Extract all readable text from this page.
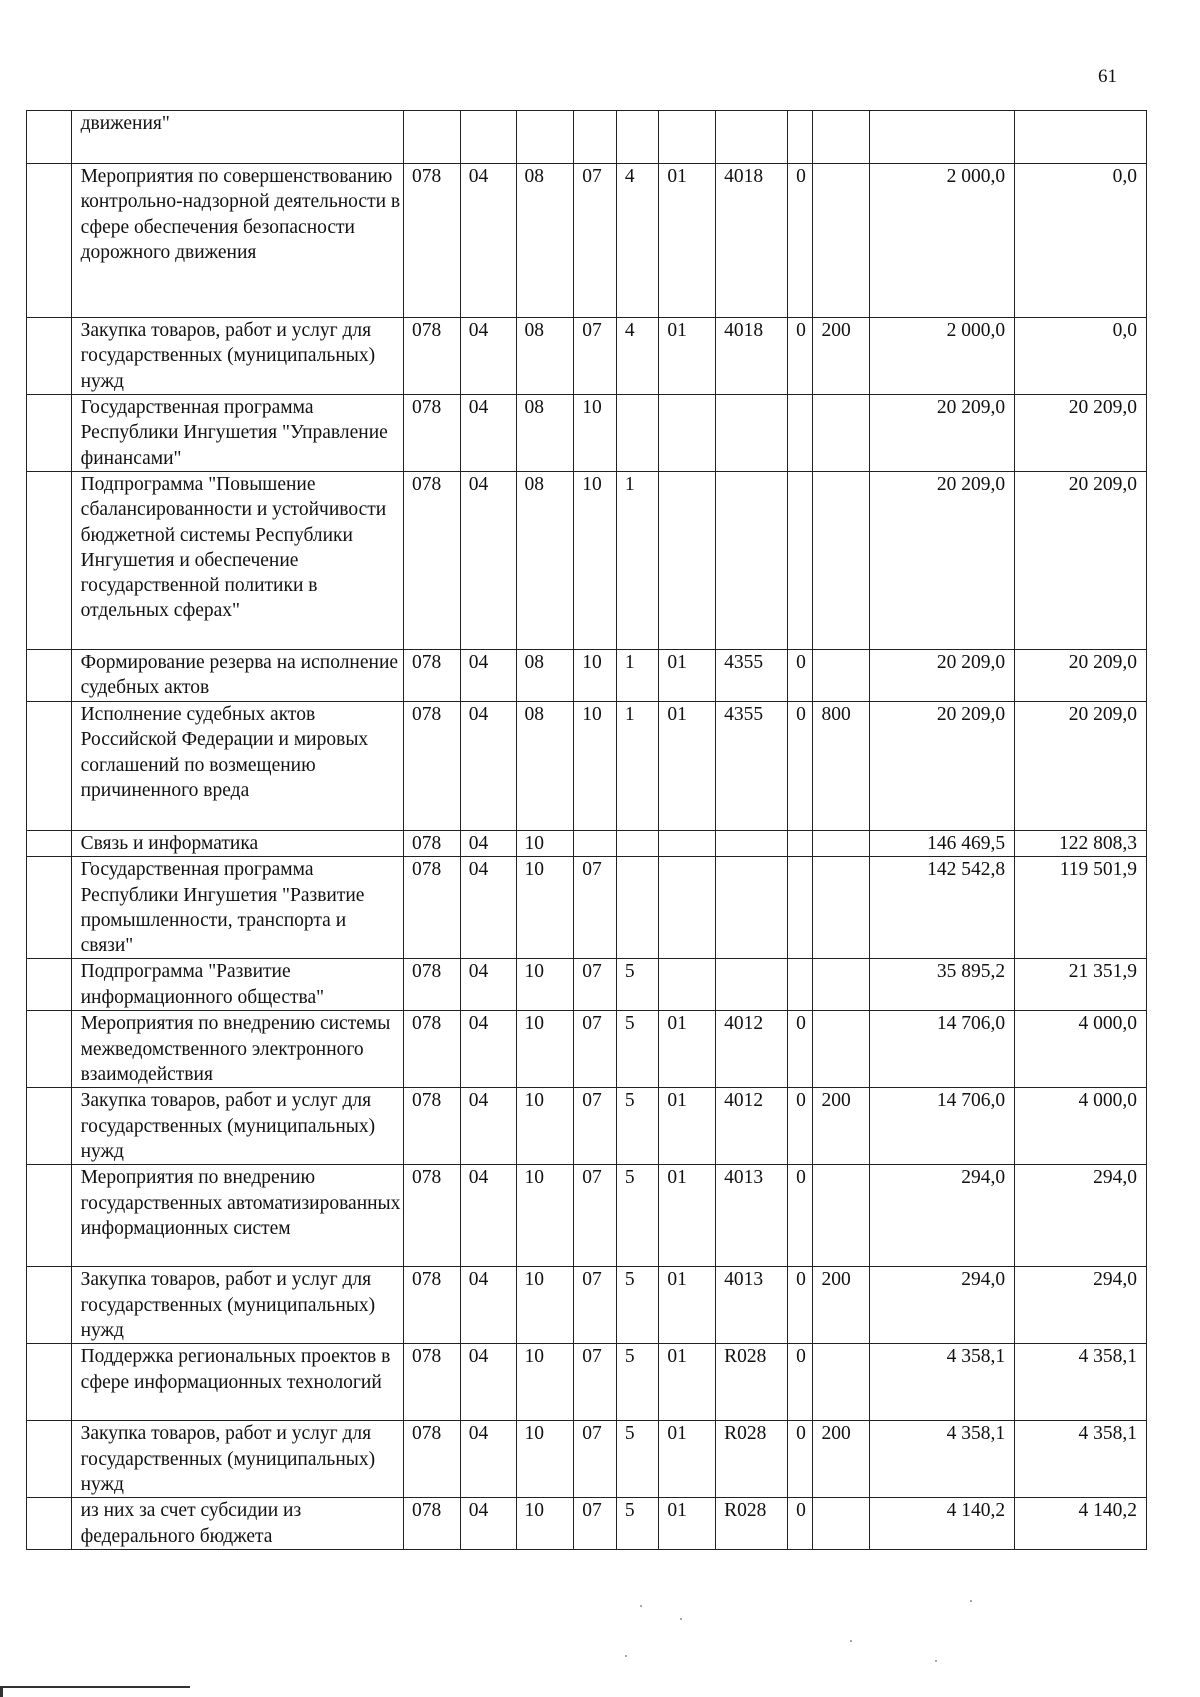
61
	движения"											
	Мероприятия по совершенствованию контрольно-надзорной деятельности в сфере обеспечения безопасности дорожного движения	078	04	08	07	4	01	4018	0		2 000,0	0,0
	Закупка товаров, работ и услуг для государственных (муниципальных) нужд	078	04	08	07	4	01	4018	0	200	2 000,0	0,0
	Государственная программа Республики Ингушетия "Управление финансами"	078	04	08	10						20 209,0	20 209,0
	Подпрограмма "Повышение сбалансированности и устойчивости бюджетной системы Республики Ингушетия и обеспечение государственной политики в отдельных сферах"	078	04	08	10	1					20 209,0	20 209,0
	Формирование резерва на исполнение судебных актов	078	04	08	10	1	01	4355	0		20 209,0	20 209,0
	Исполнение судебных актов Российской Федерации и мировых соглашений по возмещению причиненного вреда	078	04	08	10	1	01	4355	0	800	20 209,0	20 209,0
	Связь и информатика	078	04	10							146 469,5	122 808,3
	Государственная программа Республики Ингушетия "Развитие промышленности, транспорта и связи"	078	04	10	07						142 542,8	119 501,9
	Подпрограмма "Развитие информационного общества"	078	04	10	07	5					35 895,2	21 351,9
	Мероприятия по внедрению системы межведомственного электронного взаимодействия	078	04	10	07	5	01	4012	0		14 706,0	4 000,0
	Закупка товаров, работ и услуг для государственных (муниципальных) нужд	078	04	10	07	5	01	4012	0	200	14 706,0	4 000,0
	Мероприятия по внедрению государственных автоматизированных информационных систем	078	04	10	07	5	01	4013	0		294,0	294,0
	Закупка товаров, работ и услуг для государственных (муниципальных) нужд	078	04	10	07	5	01	4013	0	200	294,0	294,0
	Поддержка региональных проектов в сфере информационных технологий	078	04	10	07	5	01	R028	0		4 358,1	4 358,1
	Закупка товаров, работ и услуг для государственных (муниципальных) нужд	078	04	10	07	5	01	R028	0	200	4 358,1	4 358,1
	из них за счет субсидии из федерального бюджета	078	04	10	07	5	01	R028	0		4 140,2	4 140,2
